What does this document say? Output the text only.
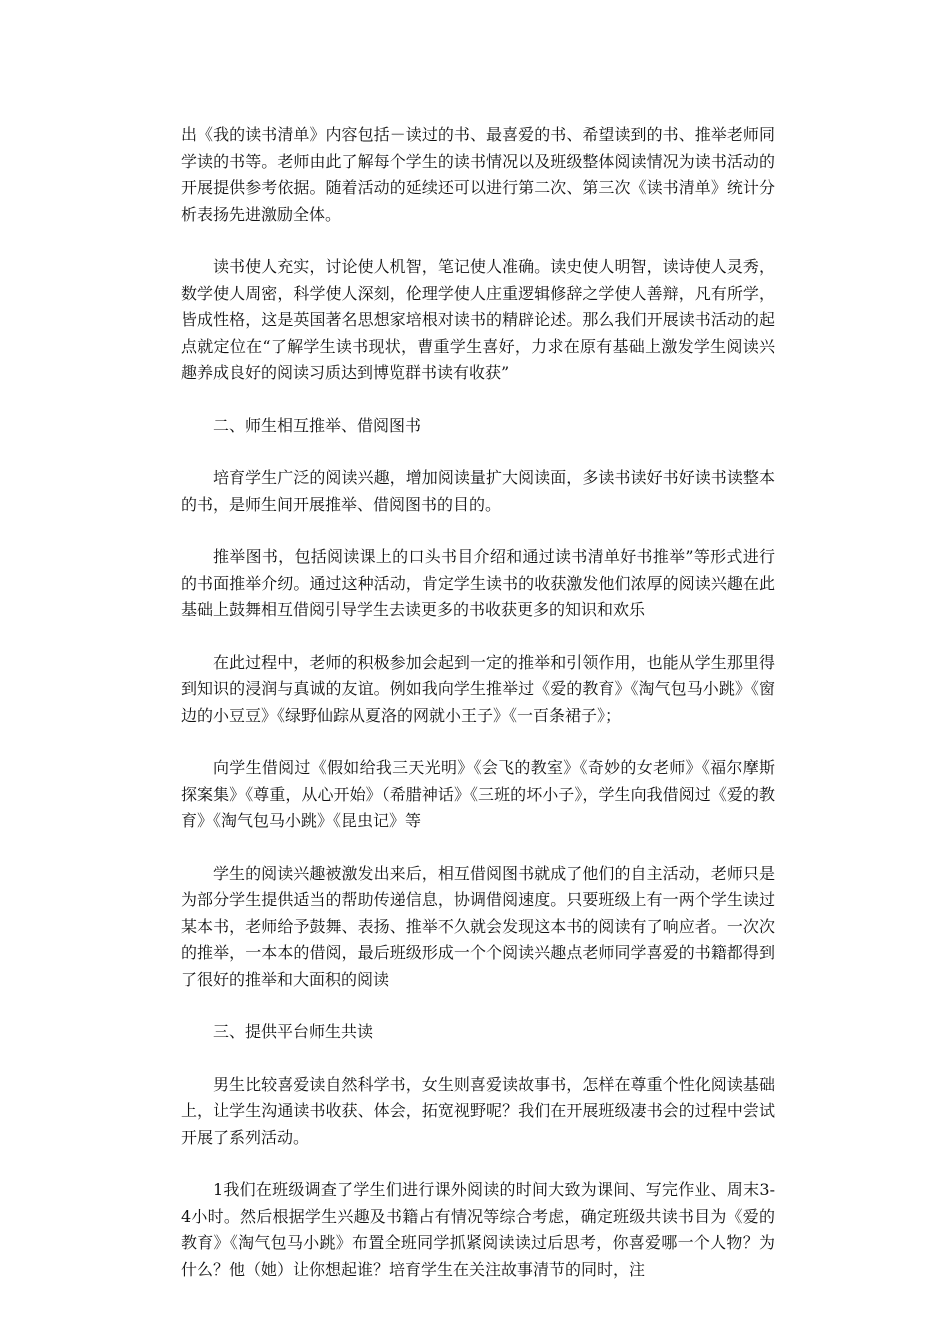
出《我的读书清单》内容包括－读过的书、最喜爱的书、希望读到的书、推举老师同学读的书等。老师由此了解每个学生的读书情况以及班级整体阅读情况为读书活动的开展提供参考依据。随着活动的延续还可以进行第二次、第三次《读书清单》统计分析表扬先进激励全体。

读书使人充实，讨论使人机智，笔记使人准确。读史使人明智，读诗使人灵秀，数学使人周密，科学使人深刻，伦理学使人庄重逻辑修辞之学使人善辩，凡有所学，皆成性格，这是英国著名思想家培根对读书的精辟论述。那么我们开展读书活动的起点就定位在“了解学生读书现状，曹重学生喜好，力求在原有基础上激发学生阅读兴趣养成良好的阅读习质达到博览群书读有收获”

二、师生相互推举、借阅图书

培育学生广泛的阅读兴趣，增加阅读量扩大阅读面，多读书读好书好读书读整本的书，是师生间开展推举、借阅图书的目的。

推举图书，包括阅读课上的口头书目介绍和通过读书清单好书推举”等形式进行的书面推举介纫。通过这种活动，肯定学生读书的收获激发他们浓厚的阅读兴趣在此基础上鼓舞相互借阅引导学生去读更多的书收获更多的知识和欢乐

在此过程中，老师的积极参加会起到一定的推举和引领作用，也能从学生那里得到知识的浸润与真诚的友谊。例如我向学生推举过《爱的教育》《淘气包马小跳》《窗边的小豆豆》《绿野仙踪从夏洛的网就小王子》《一百条裙子》；

向学生借阅过《假如给我三天光明》《会飞的教室》《奇妙的女老师》《福尔摩斯探案集》《尊重，从心开始》（希腊神话》《三班的坏小子》，学生向我借阅过《爱的教育》《淘气包马小跳》《昆虫记》等

学生的阅读兴趣被激发出来后，相互借阅图书就成了他们的自主活动，老师只是为部分学生提供适当的帮助传递信息，协调借阅速度。只要班级上有一两个学生读过某本书，老师给予鼓舞、表扬、推举不久就会发现这本书的阅读有了响应者。一次次的推举，一本本的借阅，最后班级形成一个个阅读兴趣点老师同学喜爱的书籍都得到了很好的推举和大面积的阅读

三、提供平台师生共读

男生比较喜爱读自然科学书，女生则喜爱读故事书，怎样在尊重个性化阅读基础上，让学生沟通读书收获、体会，拓宽视野呢？我们在开展班级凄书会的过程中尝试开展了系列活动。

1我们在班级调查了学生们进行课外阅读的时间大致为课间、写完作业、周末3-4小时。然后根据学生兴趣及书籍占有情况等综合考虑，确定班级共读书目为《爱的教育》《淘气包马小跳》布置全班同学抓紧阅读读过后思考，你喜爱哪一个人物？为什么？他（她）让你想起谁？培育学生在关注故事清节的同时，注
